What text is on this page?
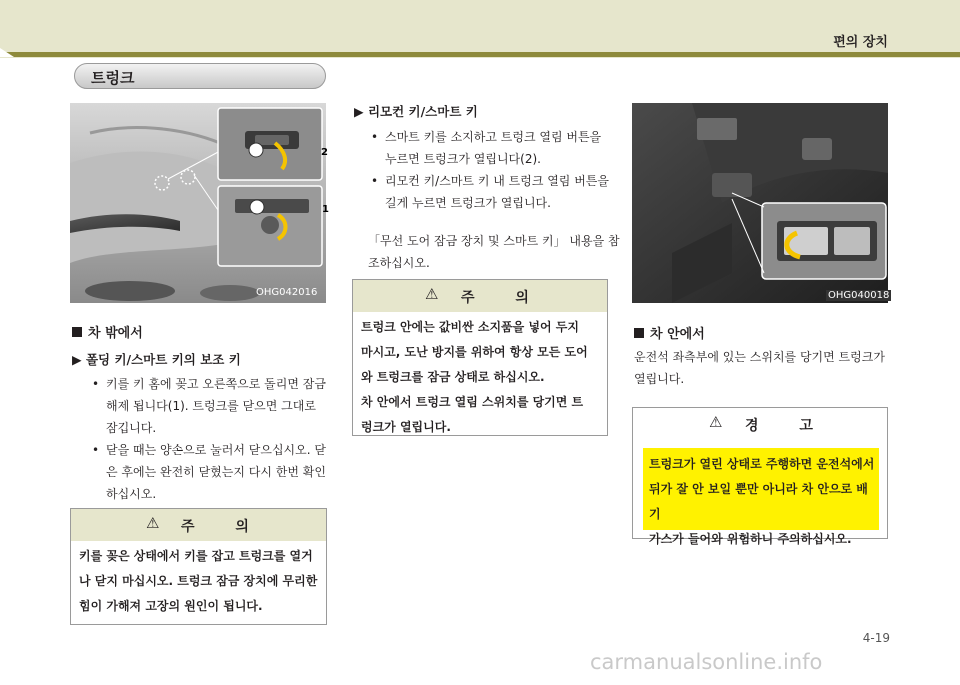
편의 장치
트렁크
OHG042016
2
1
차 밖에서
▶ 폴딩 키/스마트 키의 보조 키
• 키를 키 홈에 꽂고 오른쪽으로 돌리면 잠금
해제 됩니다(1). 트렁크를 닫으면 그대로
잠깁니다.
• 닫을 때는 양손으로 눌러서 닫으십시오. 닫
은 후에는 완전히 닫혔는지 다시 한번 확인
하십시오.
⚠ 주 의
키를 꽂은 상태에서 키를 잡고 트렁크를 열거
나 닫지 마십시오. 트렁크 잠금 장치에 무리한
힘이 가해져 고장의 원인이 됩니다.
▶ 리모컨 키/스마트 키
• 스마트 키를 소지하고 트렁크 열림 버튼을
누르면 트렁크가 열립니다(2).
• 리모컨 키/스마트 키 내 트렁크 열림 버튼을
길게 누르면 트렁크가 열립니다.
「무선 도어 잠금 장치 및 스마트 키」 내용을 참
조하십시오.
⚠ 주 의
트렁크 안에는 값비싼 소지품을 넣어 두지
마시고, 도난 방지를 위하여 항상 모든 도어
와 트렁크를 잠금 상태로 하십시오.
차 안에서 트렁크 열림 스위치를 당기면 트
렁크가 열립니다.
OHG040018
차 안에서
운전석 좌측부에 있는 스위치를 당기면 트렁크가
열립니다.
⚠ 경 고
트렁크가 열린 상태로 주행하면 운전석에서
뒤가 잘 안 보일 뿐만 아니라 차 안으로 배기
가스가 들어와 위험하니 주의하십시오.
4-19
carmanualsonline.info
